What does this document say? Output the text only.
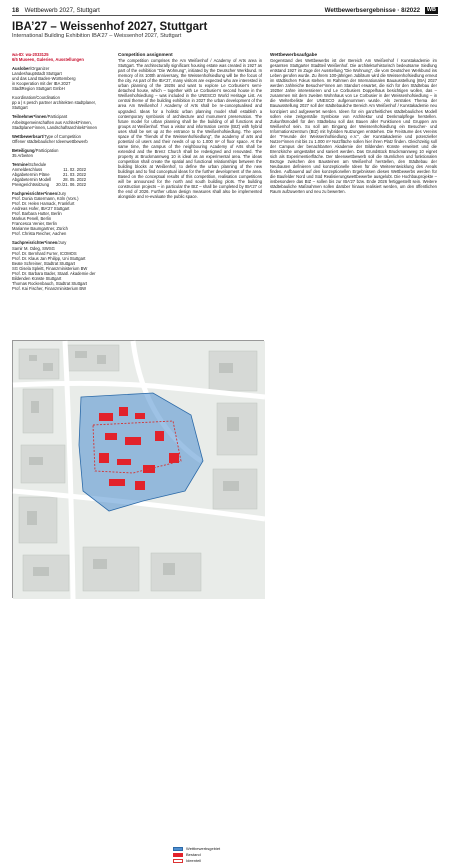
18 Wettbewerb 2027, Stuttgart	Wettbewerbsergebnisse · 8/2022 WB
IBA’27 – Weissenhof 2027, Stuttgart
International Building Exhibition IBA’27 – Weissenhof 2027, Stuttgart

wa-ID: wa-2033125
6/5 Museen, Galerien, Ausstellungen

Auslober/Organizer
Landeshauptstadt Stuttgart
und das Land Baden-Württemberg
in Kooperation mit der IBA 2027
StadtRegion Stuttgart GmbH

Koordination/Coordination
pp a | s pesch partner architekten stadtplaner,
Stuttgart

Teilnehmer*innen/Participant
Arbeitsgemeinschaften aus Architekt*innen, Stadtplaner*innen, Landschaftsarchitekt*innen

Wettbewerbsart/Type of Competition
Offener städtebaulicher Ideenwettbewerb

Beteiligung/Participation
35 Arbeiten

Termine/Schedule
Anmeldeschluss	11. 02. 2022
Abgabetermin Pläne	21. 03. 2022
Abgabetermin Modell	28. 05. 2022
Preisgerichtssitzung 20./21. 06. 2022

Fachpreisrichter*innen/Jury
Prof. Donia Gatermann, Köln (Vors.)
Prof. Dr. Helen Hamack, Frankfurt
Andreas Hofer, IBA’27 Stuttgart
Prof. Barbara Hutter, Berlin
Markus Penell, Berlin
Francesca Venier, Berlin
Marianne Baumgartner, Zürich
Prof. Christa Reicher, Aachen

Sachpreisrichter*innen/Jury
Samir M. Odeg, SWSG
Prof. Dr. Bernhard Furrer, ICOMOS
Prof. Dr. Klaus Jan Philipp, Uni Stuttgart
Beate Schreiner, Stadtrat Stuttgart
SG Gisela Spleitt, Finanzministerium BW
Prof. Dr. Barbara Bader, Staatl. Akademie der
Bildenden Künste Stuttgart
Thomas Rockenbauch, Stadtrat Stuttgart
Prof. Kai Fischer, Finanzministerium BW

Competition assignment
The competition comprises the Am Weißenhof / Academy of Arts area in Stuttgart. The architecturally significant housing estate was created in 1927 as part of the exhibition "Die Wohnung", initiated by the Deutscher Werkbund. In memory of its 100th anniversary, the Weissenhofsiedlung will be the focus of the city. As part of the IBA’27, many visitors are expected who are interested in urban planning of the 1920s and want to explore Le Corbusier’s semi-detached house, which – together with Le Corbusier’s second house in the Weißenhofsiedlung – was included in the UNESCO World Heritage List. As central theme of the building exhibition in 2027 the urban development of the area Am Weißenhof / Academy of Arts shall be re-conceptualised and upgraded. Ideas for a holistic urban planning model shall establish a contemporary symbiosis of architecture and monument preservation. The future model for urban planning shall be the building of all functions and groups at Weißenhof. Thus a visitor and information centre (BIZ) with hybrid uses shall be set up at the entrance to the Weißenhofsiedlung. The open space of the "friends of the Weissenhofsiedlung", the academy of arts and potential oil users and their needs of up to 1.000 m² of floor space. At the same time, the campus of the neighbouring Academy of Arts shall be extended and the Brenz Church shall be redesigned and renovated. The property at Bruckmannweg 10 is ideal as an experimental area. The ideas competition shall create the spatial and functional relationships between the building blocks at Weißenhof, to define the urban planning of the new buildings and to find conceptual ideas for the further development of the area. Based on the conceptual results of this competition, realisation competitions will be announced for the north and south building plots. The building construction projects – in particular the BIZ – shall be completed by IBA’27 or the end of 2026. Further urban design measures shall also be implemented alongside and re-evaluate the public space.
Wettbewerbsaufgabe
Gegenstand des Wettbewerbs ist der Bereich Am Weißenhof / Kunstakademie im gesamten Stuttgarter Stadtteil Weißenhof. Die architekturhistorisch bedeutsame Siedlung entstand 1927 im Zuge der Ausstellung "Die Wohnung", die vom Deutschen Werkbund ins Leben gerufen wurde. Zu ihrem 100-jährigen Jubiläum wird die Weissenhofsiedlung erneut im städtischen Fokus stehen. Im Rahmen der Internationalen Bauausstellung (IBA) 2027 werden zahlreiche Besucher*innen am Standort erwartet, die sich für den Städtebau der 1920er Jahre interessieren und Le Corbusiers Doppelhaus besichtigen wollen, das – zusammen mit dem zweiten Wohnhaus von Le Corbusier in der Weissenhofsiedlung – in die Welterbeliste der UNESCO aufgenommen wurde. Als zentrales Thema der Bauausstellung 2027 soll der städtebauliche Bereich Am Weißenhof / Kunstakademie neu konzipiert und aufgewertet werden. Ideen für ein ganzheitliches städtebauliches Modell sollen eine zeitgemäße Symbiose von Architektur und Denkmalpflege herstellen. Zukunftsmodell für den Städtebau soll das Bauen aller Funktionen und Gruppen am Weißenhof sein. So soll am Eingang der Weissenhofsiedlung ein Besucher- und Informationszentrum (BIZ) mit hybriden Nutzungen entstehen. Die Freiräume des Vereins der "Freunde der Weissenhofsiedlung e.V.", der Kunstakademie und potenzieller Nutzer*innen mit bis zu 1.000 m² Nutzfläche sollen hier ihren Platz finden. Gleichzeitig soll der Campus der benachbarten Akademie der Bildenden Künste erweitert und die Brenzkirche umgestaltet und saniert werden. Das Grundstück Bruckmannweg 10 eignet sich als Experimentierfläche. Der Ideenwettbewerb soll die räumlichen und funktionalen Bezüge zwischen den Bausteinen am Weißenhof herstellen, den Städtebau der Neubauten definieren und konzeptionelle Ideen für die Weiterentwicklung des Areals finden. Aufbauend auf den konzeptionellen Ergebnissen dieses Wettbewerbs werden für die Baufelder Nord und Süd Realisierungswettbewerbe ausgelobt. Die Hochbauprojekte – insbesondere das BIZ – sollen bis zur IBA’27 bzw. Ende 2026 fertiggestellt sein. Weitere städtebauliche Maßnahmen sollen darüber hinaus realisiert werden, um den öffentlichen Raum aufzuwerten und neu zu bewerten.
Wettbewerbsgebiet
Bestand
Ideenteil
